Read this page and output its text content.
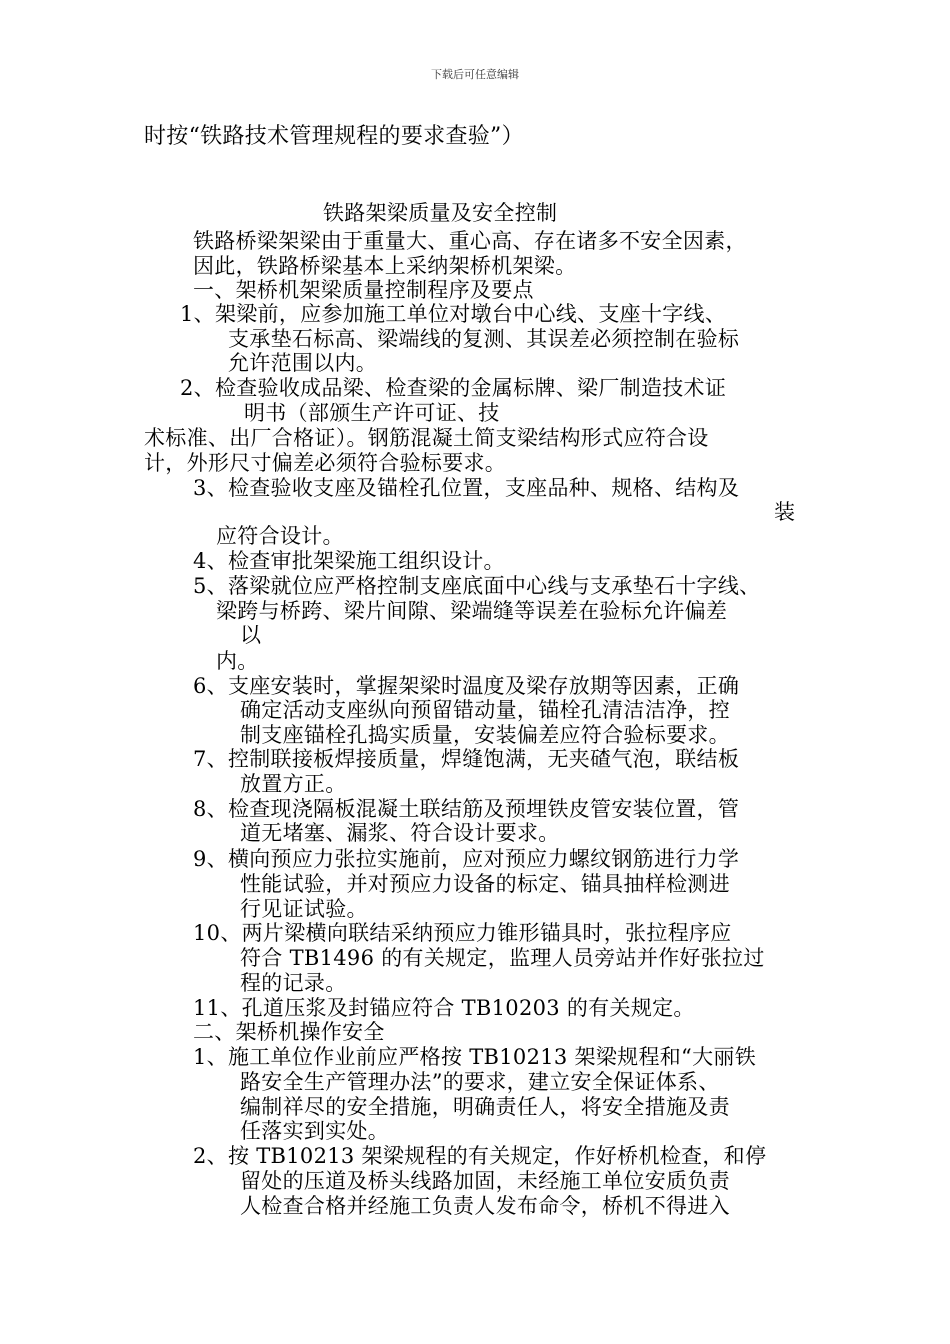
下载后可任意编辑
时按“铁路技术管理规程的要求查验”）
铁路架梁质量及安全控制
铁路桥梁架梁由于重量大、重心高、存在诸多不安全因素，
因此，铁路桥梁基本上采纳架桥机架梁。
一、架桥机架梁质量控制程序及要点
1、架梁前，应参加施工单位对墩台中心线、支座十字线、
支承垫石标高、梁端线的复测、其误差必须控制在验标
允许范围以内。
2、检查验收成品梁、检查梁的金属标牌、梁厂制造技术证
明书（部颁生产许可证、技
术标准、出厂合格证）。钢筋混凝土简支梁结构形式应符合设
计，外形尺寸偏差必须符合验标要求。
3、检查验收支座及锚栓孔位置，支座品种、规格、结构及
装
应符合设计。
4、检查审批架梁施工组织设计。
5、落梁就位应严格控制支座底面中心线与支承垫石十字线、
梁跨与桥跨、梁片间隙、梁端缝等误差在验标允许偏差
以
内。
6、支座安装时，掌握架梁时温度及梁存放期等因素，正确
确定活动支座纵向预留错动量，锚栓孔清洁洁净，控
制支座锚栓孔捣实质量，安装偏差应符合验标要求。
7、控制联接板焊接质量，焊缝饱满，无夹碴气泡，联结板
放置方正。
8、检查现浇隔板混凝土联结筋及预埋铁皮管安装位置，管
道无堵塞、漏浆、符合设计要求。
9、横向预应力张拉实施前，应对预应力螺纹钢筋进行力学
性能试验，并对预应力设备的标定、锚具抽样检测进
行见证试验。
10、两片梁横向联结采纳预应力锥形锚具时，张拉程序应
符合 TB1496 的有关规定，监理人员旁站并作好张拉过
程的记录。
11、孔道压浆及封锚应符合 TB10203 的有关规定。
二、架桥机操作安全
1、施工单位作业前应严格按 TB10213 架梁规程和“大丽铁
路安全生产管理办法”的要求，建立安全保证体系、
编制祥尽的安全措施，明确责任人，将安全措施及责
任落实到实处。
2、按 TB10213 架梁规程的有关规定，作好桥机检查，和停
留处的压道及桥头线路加固，未经施工单位安质负责
人检查合格并经施工负责人发布命令，桥机不得进入
